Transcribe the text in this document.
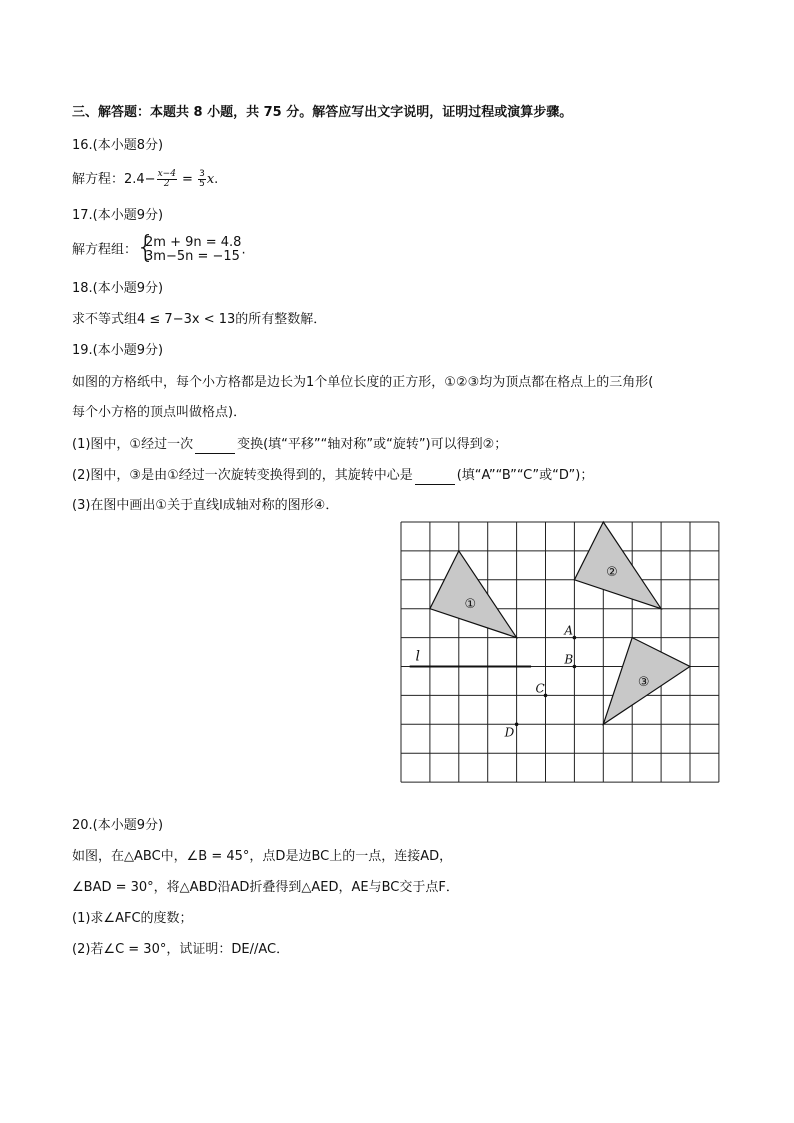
三、解答题：本题共 8 小题，共 75 分。解答应写出文字说明，证明过程或演算步骤。
16.(本小题8分)
解方程：$2.4- \frac{x-4}{2} = \frac{3}{5} x$.
17.(本小题9分)
解方程组： {
2m + 9n = 4.8
3m−5n = −15 .
18.(本小题9分)
求不等式组4 ≤ 7−3x < 13的所有整数解．
19.(本小题9分)
如图的方格纸中，每个小方格都是边长为1个单位长度的正方形，①②③均为顶点都在格点上的三角形(
每个小方格的顶点叫做格点)．
(1)图中，①经过一次	变换(填“平移”“轴对称”或“旋转”)可以得到②；
(2)图中，③是由①经过一次旋转变换得到的，其旋转中心是	(填“A”“B”“C”或“D”)；
(3)在图中画出①关于直线l成轴对称的图形④．
①
②
③
l
A
B
C
D
20.(本小题9分)
如图，在△ABC中，∠B = 45°，点D是边BC上的一点，连接AD，
∠BAD = 30°，将△ABD沿AD折叠得到△AED，AE与BC交于点F．
(1)求∠AFC的度数；
(2)若∠C = 30°，试证明：DE//AC．
